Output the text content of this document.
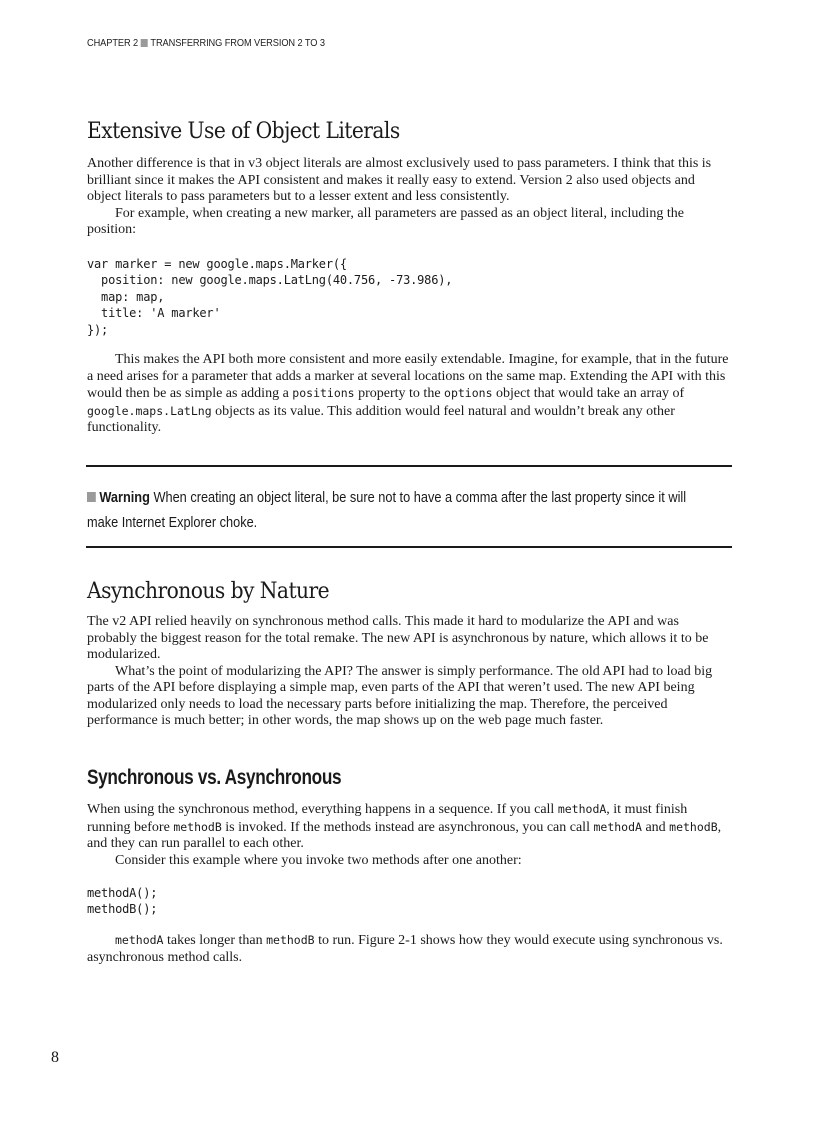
CHAPTER 2 TRANSFERRING FROM VERSION 2 TO 3
Extensive Use of Object Literals

Another difference is that in v3 object literals are almost exclusively used to pass parameters. I think that this is brilliant since it makes the API consistent and makes it really easy to extend. Version 2 also used objects and object literals to pass parameters but to a lesser extent and less consistently.

For example, when creating a new marker, all parameters are passed as an object literal, including the position:

var marker = new google.maps.Marker({
position: new google.maps.LatLng(40.756, -73.986),
map: map,
title: 'A marker'
});

This makes the API both more consistent and more easily extendable. Imagine, for example, that in the future a need arises for a parameter that adds a marker at several locations on the same map. Extending the API with this would then be as simple as adding a positions property to the options object that would take an array of google.maps.LatLng objects as its value. This addition would feel natural and wouldn’t break any other functionality.

Warning When creating an object literal, be sure not to have a comma after the last property since it will make Internet Explorer choke.
Asynchronous by Nature

The v2 API relied heavily on synchronous method calls. This made it hard to modularize the API and was probably the biggest reason for the total remake. The new API is asynchronous by nature, which allows it to be modularized.

What’s the point of modularizing the API? The answer is simply performance. The old API had to load big parts of the API before displaying a simple map, even parts of the API that weren’t used. The new API being modularized only needs to load the necessary parts before initializing the map. Therefore, the perceived performance is much better; in other words, the map shows up on the web page much faster.

Synchronous vs. Asynchronous

When using the synchronous method, everything happens in a sequence. If you call methodA, it must finish running before methodB is invoked. If the methods instead are asynchronous, you can call methodA and methodB, and they can run parallel to each other.

Consider this example where you invoke two methods after one another:

methodA();
methodB();

methodA takes longer than methodB to run. Figure 2-1 shows how they would execute using synchronous vs. asynchronous method calls.

8
